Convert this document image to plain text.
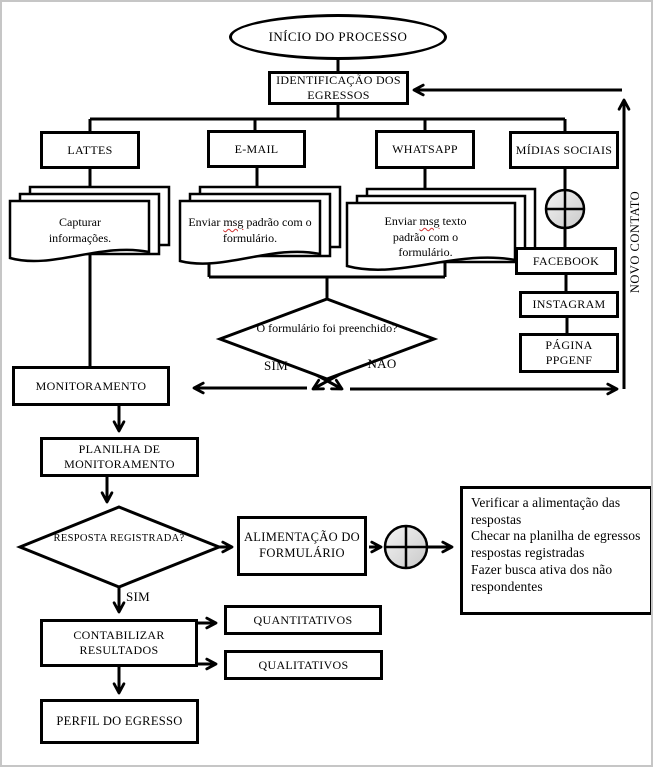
INÍCIO DO PROCESSO
IDENTIFICAÇÃO DOS EGRESSOS
LATTES	E-MAIL	WHATSAPP	MÍDIAS SOCIAIS
Capturar informações.
Enviar msg padrão com o formulário.
Enviar msg texto padrão com o formulário.
FACEBOOK
INSTAGRAM
PÁGINA PPGENF
NOVO CONTATO
O formulário foi preenchido?
SIM	NÃO
MONITORAMENTO
PLANILHA DE MONITORAMENTO
RESPOSTA REGISTRADA?
SIM
ALIMENTAÇÃO DO FORMULÁRIO
Verificar a alimentação das respostas
Checar na planilha de egressos respostas registradas
Fazer busca ativa dos não respondentes
CONTABILIZAR RESULTADOS
QUANTITATIVOS
QUALITATIVOS
PERFIL DO EGRESSO
